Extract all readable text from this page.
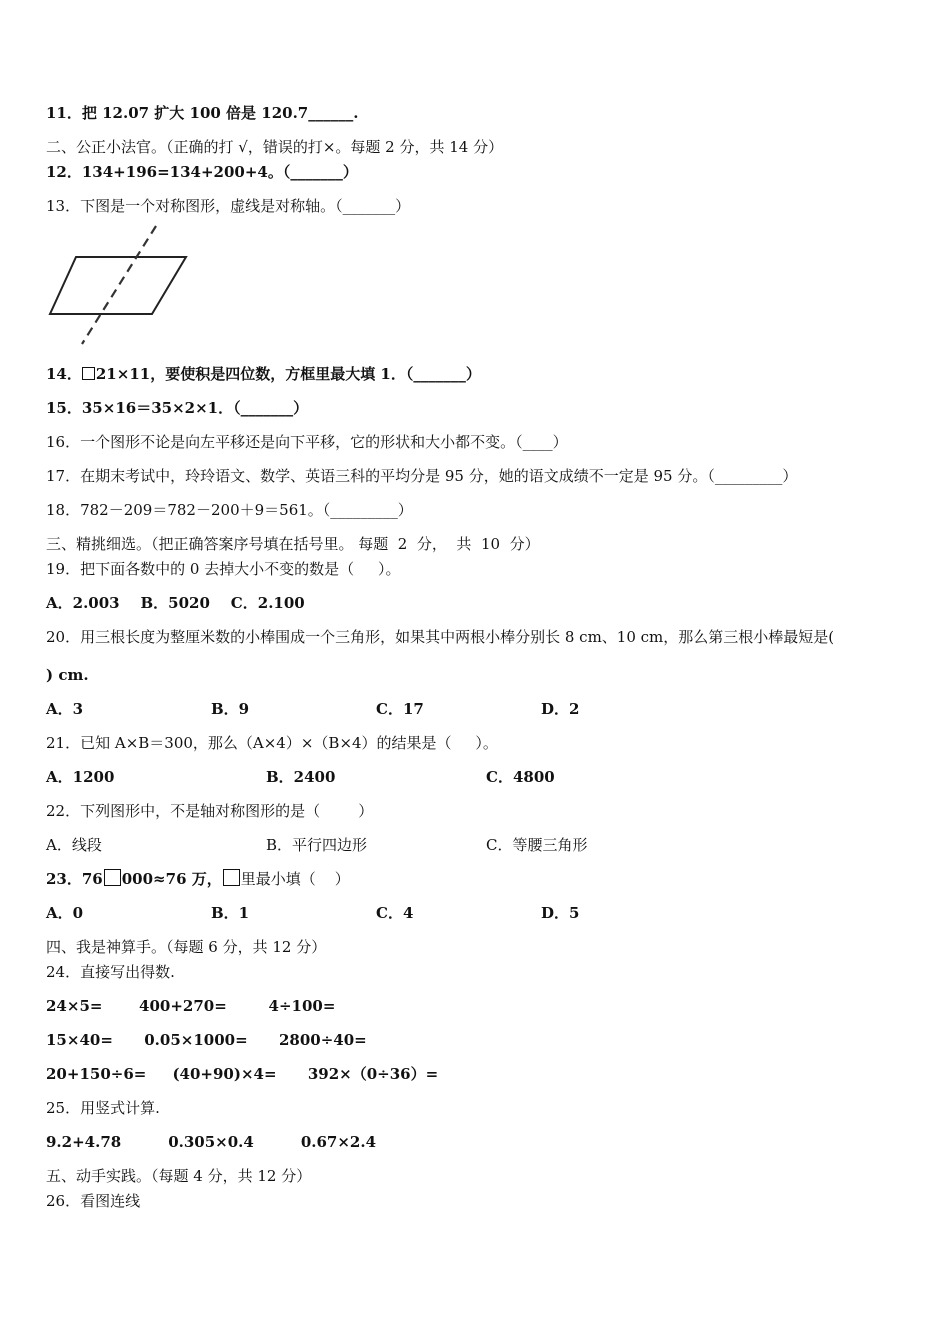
11．把 12.07 扩大 100 倍是 120.7______.
二、公正小法官。（正确的打 √，错误的打×。每题 2 分，共 14 分）
12．134+196=134+200+4。（_______）
13．下图是一个对称图形，虚线是对称轴。（_______）
14． 21×11，要使积是四位数，方框里最大填 1．（_______）
15．35×16＝35×2×1．（_______）
16．一个图形不论是向左平移还是向下平移，它的形状和大小都不变。（____）
17．在期末考试中，玲玲语文、数学、英语三科的平均分是 95 分，她的语文成绩不一定是 95 分。（_________）
18．782－209＝782－200＋9＝561。（_________）
三、精挑细选。（把正确答案序号填在括号里。 每题  2  分，  共  10  分）
19．把下面各数中的 0 去掉大小不变的数是（     ）。
A．2.003    B．5020    C．2.100
20．用三根长度为整厘米数的小棒围成一个三角形，如果其中两根小棒分别长 8 cm、10 cm，那么第三根小棒最短是(
) cm.
A．3	B．9	C．17	D．2
21．已知 A×B＝300，那么（A×4）×（B×4）的结果是（     ）。
A．1200	B．2400	C．4800
22．下列图形中，不是轴对称图形的是（        ）
A．线段	B．平行四边形	C．等腰三角形
23．76 000≈76 万， 里最小填（    ）
A．0	B．1	C．4	D．5
四、我是神算手。（每题 6 分，共 12 分）
24．直接写出得数.
24×5=       400+270=        4÷100=
15×40=      0.05×1000=      2800÷40=
20+150÷6=     (40+90)×4=      392×（0÷36）=
25．用竖式计算.
9.2+4.78         0.305×0.4         0.67×2.4
五、动手实践。（每题 4 分，共 12 分）
26．看图连线
